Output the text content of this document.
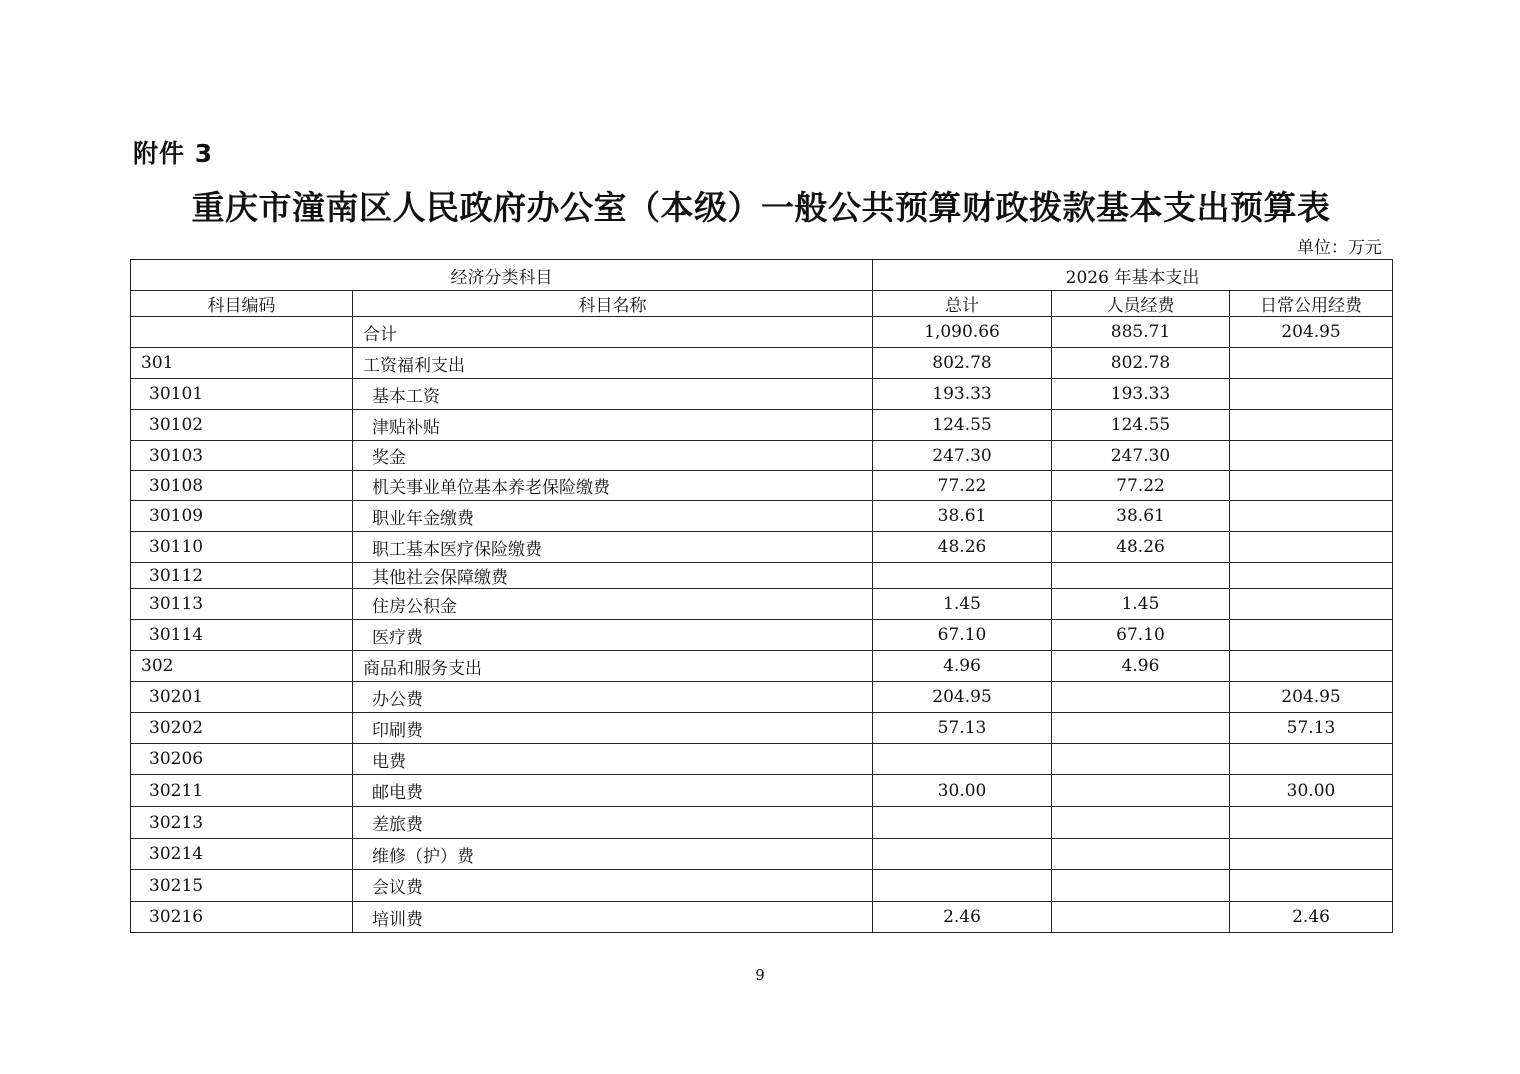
附件 3
重庆市潼南区人民政府办公室（本级）一般公共预算财政拨款基本支出预算表
单位：万元
经济分类科目		2026 年基本支出		
科目编码	科目名称	总计	人员经费	日常公用经费
	合计	1,090.66	885.71	204.95
301	工资福利支出	802.78	802.78	
30101	基本工资	193.33	193.33	
30102	津贴补贴	124.55	124.55	
30103	奖金	247.30	247.30	
30108	机关事业单位基本养老保险缴费	77.22	77.22	
30109	职业年金缴费	38.61	38.61	
30110	职工基本医疗保险缴费	48.26	48.26	
30112	其他社会保障缴费			
30113	住房公积金	1.45	1.45	
30114	医疗费	67.10	67.10	
302	商品和服务支出	4.96	4.96	
30201	办公费	204.95		204.95
30202	印刷费	57.13		57.13
30206	电费			
30211	邮电费	30.00		30.00
30213	差旅费			
30214	维修（护）费			
30215	会议费			
30216	培训费	2.46		2.46
9
